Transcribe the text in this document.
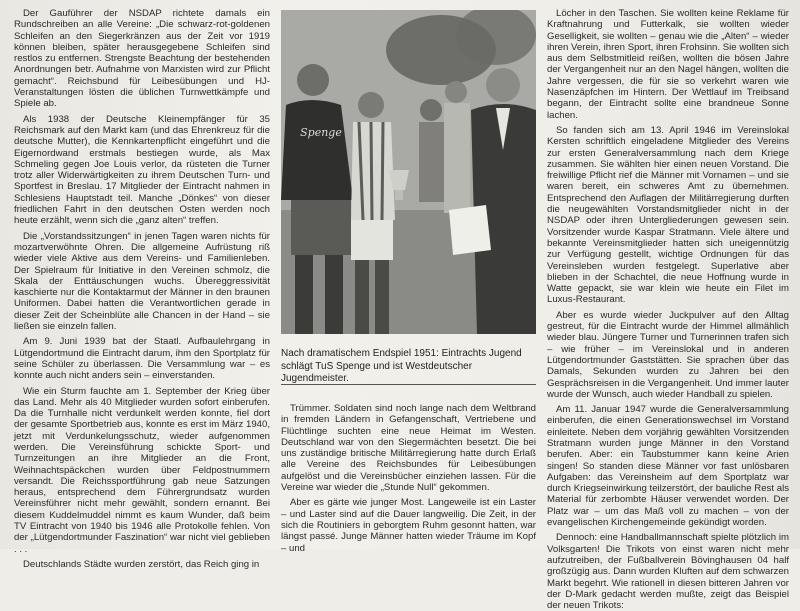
Der Gauführer der NSDAP richtete damals ein Rundschreiben an alle Vereine: „Die schwarz-rot-goldenen Schleifen an den Siegerkränzen aus der Zeit vor 1919 können bleiben, später herausgegebene Schleifen sind restlos zu entfernen. Strengste Beachtung der bestehenden Anordnungen betr. Aufnahme von Marxisten wird zur Pflicht gemacht“. Reichsbund für Leibesübungen und HJ-Veranstaltungen lösten die üblichen Turnwettkämpfe und Spiele ab.

Als 1938 der Deutsche Kleinempfänger für 35 Reichsmark auf den Markt kam (und das Ehrenkreuz für die deutsche Mutter), die Kennkartenpflicht eingeführt und die Eigernordwand erstmals bestiegen wurde, als Max Schmeling gegen Joe Louis verlor, da rüsteten die Turner trotz aller Widerwärtigkeiten zu ihrem Deutschen Turn- und Sportfest in Breslau. 17 Mitglieder der Eintracht nahmen in Schlesiens Hauptstadt teil. Manche „Dönkes“ von dieser friedlichen Fahrt in den deutschen Osten werden noch heute erzählt, wenn sich die „ganz alten“ treffen.

Die „Vorstandssitzungen“ in jenen Tagen waren nichts für mozartverwöhnte Ohren. Die allgemeine Aufrüstung riß wieder viele Aktive aus dem Vereins- und Familienleben. Der Spielraum für Initiative in den Vereinen schmolz, die Skala der Enttäuschungen wuchs. Übereggressivität kaschierte nur die Kontaktarmut der Männer in den braunen Uniformen. Dabei hatten die Verantwortlichen gerade in dieser Zeit der Scheinblüte alle Chancen in der Hand – sie ließen sie einzeln fallen.

Am 9. Juni 1939 bat der Staatl. Aufbaulehrgang in Lütgendortmund die Eintracht darum, ihm den Sportplatz für seine Schüler zu überlassen. Die Versammlung war – es konnte auch nicht anders sein – einverstanden.

Wie ein Sturm fauchte am 1. September der Krieg über das Land. Mehr als 40 Mitglieder wurden sofort einberufen. Da die Turnhalle nicht verdunkelt werden konnte, fiel dort der gesamte Sportbetrieb aus, konnte es erst im März 1940, jetzt mit Verdunkelungsschutz, wieder aufgenommen werden. Die Vereinsführung schickte Sport- und Turnzeitungen an ihre Mitglieder an die Front, Weihnachtspäckchen wurden über Feldpostnummern versandt. Die Reichssportführung gab neue Satzungen heraus, entsprechend dem Führergrundsatz wurden Vereinsführer nicht mehr gewählt, sondern ernannt. Bei diesem Kuddelmuddel nimmt es kaum Wunder, daß beim TV Eintracht von 1940 bis 1946 alle Protokolle fehlen. Von der „Lütgendortmunder Faszination“ war nicht viel geblieben . . .

Deutschlands Städte wurden zerstört, das Reich ging in

Spenge
Nach dramatischem Endspiel 1951: Eintrachts Jugend schlägt TuS Spenge und ist Westdeutscher Jugendmeister.

Trümmer. Soldaten sind noch lange nach dem Weltbrand in fremden Ländern in Gefangenschaft, Vertriebene und Flüchtlinge suchten eine neue Heimat im Westen. Deutschland war von den Siegermächten besetzt. Die bei uns zuständige britische Militärregierung hatte durch Erlaß alle Vereine des Reichsbundes für Leibesübungen aufgelöst und die Vereinsbücher einziehen lassen. Für die Vereine war wieder die „Stunde Null“ gekommen.

Aber es gärte wie junger Most. Langeweile ist ein Laster – und Laster sind auf die Dauer langweilig. Die Zeit, in der sich die Routiniers in geborgtem Ruhm gesonnt hatten, war längst passé. Junge Männer hatten wieder Träume im Kopf – und

Löcher in den Taschen. Sie wollten keine Reklame für Kraftnahrung und Futterkalk, sie wollten wieder Geselligkeit, sie wollten – genau wie die „Alten“ – wieder ihren Verein, ihren Sport, ihren Frohsinn. Sie wollten sich aus dem Selbstmitleid reißen, wollten die bösen Jahre der Vergangenheit nur an den Nagel hängen, wollten die Jahre vergessen, die für sie so verkehrt waren wie Nasenzäpfchen im Hintern. Der Wettlauf im Treibsand begann, der Eintracht sollte eine brandneue Sonne lachen.

So fanden sich am 13. April 1946 im Vereinslokal Kersten schriftlich eingeladene Mitglieder des Vereins zur ersten Generalversammlung nach dem Kriege zusammen. Sie wählten hier einen neuen Vorstand. Die freiwillige Pflicht rief die Männer mit Vornamen – und sie waren bereit, ein schweres Amt zu übernehmen. Entsprechend den Auflagen der Militärregierung durften die neugewählten Vorstandsmitglieder nicht in der NSDAP oder ihren Untergliederungen gewesen sein. Vorsitzender wurde Kaspar Stratmann. Viele ältere und bekannte Vereinsmitglieder hatten sich uneigennützig zur Verfügung gestellt, wichtige Ordnungen für das Vereinsleben wurden festgelegt. Superlative aber blieben in der Schachtel, die neue Hoffnung wurde in Watte gepackt, sie war klein wie heute ein Filet im Luxus-Restaurant.

Aber es wurde wieder Juckpulver auf den Alltag gestreut, für die Eintracht wurde der Himmel allmählich wieder blau. Jüngere Turner und Turnerinnen trafen sich – wie früher – im Vereinslokal und in anderen Lütgendortmunder Gaststätten. Sie sprachen über das Damals, Sekunden wurden zu Jahren bei den Gesprächsreisen in die Vergangenheit. Und immer lauter wurde der Wunsch, auch wieder Handball zu spielen.

Am 11. Januar 1947 wurde die Generalversammlung einberufen, die einen Generationswechsel im Vorstand einleitete. Neben dem vorjährig gewählten Vorsitzenden Stratmann wurden junge Männer in den Vorstand berufen. Aber: ein Taubstummer kann keine Arien singen! So standen diese Männer vor fast unlösbaren Aufgaben: das Vereinsheim auf dem Sportplatz war durch Kriegseinwirkung teilzerstört, der bauliche Rest als Material für zerbombte Häuser verwendet worden. Der Platz war – um das Maß voll zu machen – von der evangelischen Kirchengemeinde gekündigt worden.

Dennoch: eine Handballmannschaft spielte plötzlich im Volksgarten! Die Trikots von einst waren nicht mehr aufzutreiben, der Fußballverein Bövinghausen 04 half großzügig aus. Dann wurden Kluften auf dem schwarzen Markt begehrt. Wie rationell in diesen bitteren Jahren vor der D-Mark gedacht werden mußte, zeigt das Beispiel der neuen Trikots:
